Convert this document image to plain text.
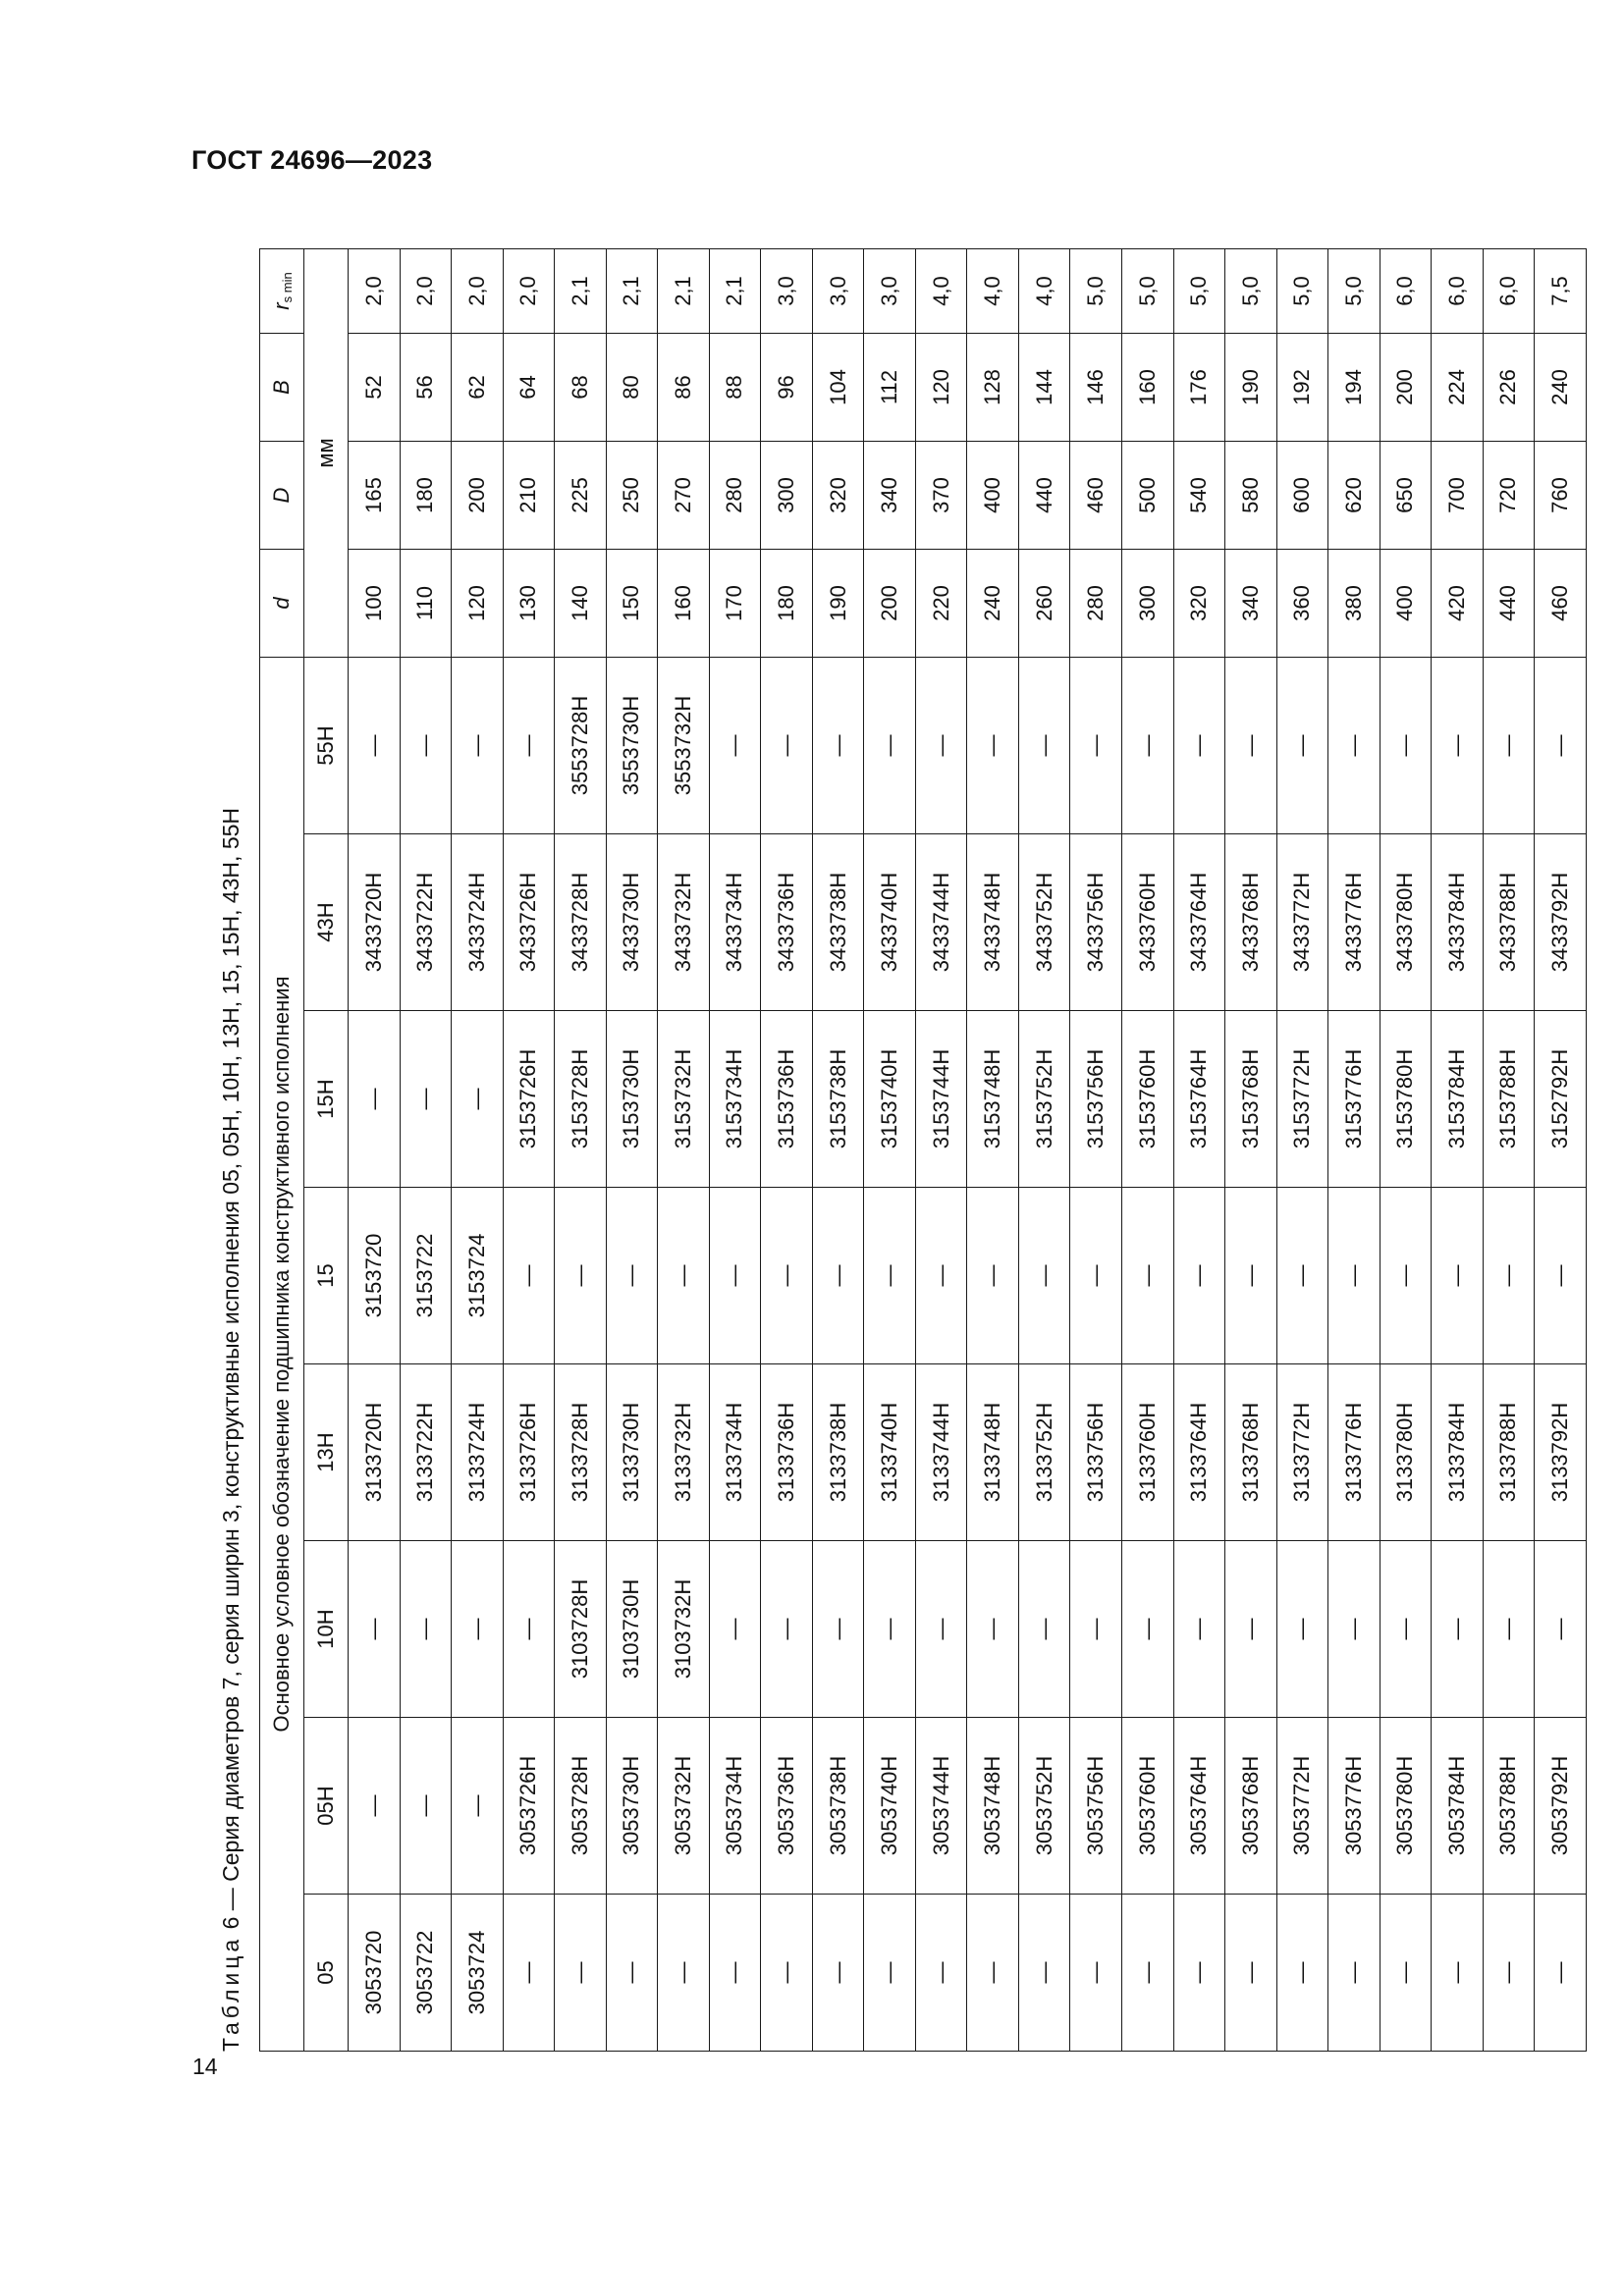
ГОСТ 24696—2023
Таблица 6 — Серия диаметров 7, серия ширин 3, конструктивные исполнения 05, 05Н, 10Н, 13Н, 15, 15Н, 43Н, 55Н Основное условное обозначение подшипника конструктивного исполнения								d	D	B	$r_{s min}$
05	05Н	10Н	13Н	15	15Н	43Н	55Н	мм			
3053720	—	—	3133720Н	3153720	—	3433720Н	—	100	165	52	2,0
3053722	—	—	3133722Н	3153722	—	3433722Н	—	110	180	56	2,0
3053724	—	—	3133724Н	3153724	—	3433724Н	—	120	200	62	2,0
—	3053726Н	—	3133726Н	—	3153726Н	3433726Н	—	130	210	64	2,0
—	3053728Н	3103728Н	3133728Н	—	3153728Н	3433728Н	3553728Н	140	225	68	2,1
—	3053730Н	3103730Н	3133730Н	—	3153730Н	3433730Н	3553730Н	150	250	80	2,1
—	3053732Н	3103732Н	3133732Н	—	3153732Н	3433732Н	3553732Н	160	270	86	2,1
—	3053734Н	—	3133734Н	—	3153734Н	3433734Н	—	170	280	88	2,1
—	3053736Н	—	3133736Н	—	3153736Н	3433736Н	—	180	300	96	3,0
—	3053738Н	—	3133738Н	—	3153738Н	3433738Н	—	190	320	104	3,0
—	3053740Н	—	3133740Н	—	3153740Н	3433740Н	—	200	340	112	3,0
—	3053744Н	—	3133744Н	—	3153744Н	3433744Н	—	220	370	120	4,0
—	3053748Н	—	3133748Н	—	3153748Н	3433748Н	—	240	400	128	4,0
—	3053752Н	—	3133752Н	—	3153752Н	3433752Н	—	260	440	144	4,0
—	3053756Н	—	3133756Н	—	3153756Н	3433756Н	—	280	460	146	5,0
—	3053760Н	—	3133760Н	—	3153760Н	3433760Н	—	300	500	160	5,0
—	3053764Н	—	3133764Н	—	3153764Н	3433764Н	—	320	540	176	5,0
—	3053768Н	—	3133768Н	—	3153768Н	3433768Н	—	340	580	190	5,0
—	3053772Н	—	3133772Н	—	3153772Н	3433772Н	—	360	600	192	5,0
—	3053776Н	—	3133776Н	—	3153776Н	3433776Н	—	380	620	194	5,0
—	3053780Н	—	3133780Н	—	3153780Н	3433780Н	—	400	650	200	6,0
—	3053784Н	—	3133784Н	—	3153784Н	3433784Н	—	420	700	224	6,0
—	3053788Н	—	3133788Н	—	3153788Н	3433788Н	—	440	720	226	6,0
—	3053792Н	—	3133792Н	—	3152792Н	3433792Н	—	460	760	240	7,5
14
